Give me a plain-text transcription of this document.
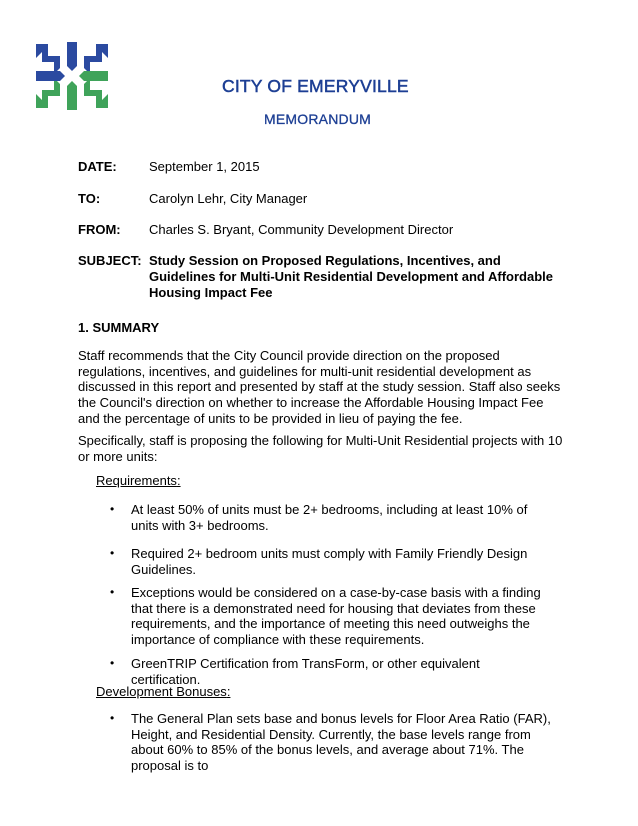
CITY OF EMERYVILLE
MEMORANDUM
DATE: September 1, 2015
TO:	Carolyn Lehr, City Manager
FROM: Charles S. Bryant, Community Development Director
SUBJECT: Study Session on Proposed Regulations, Incentives, and Guidelines for Multi-Unit Residential Development and Affordable Housing Impact Fee
1. SUMMARY
Staff recommends that the City Council provide direction on the proposed regulations, incentives, and guidelines for multi-unit residential development as discussed in this report and presented by staff at the study session. Staff also seeks the Council's direction on whether to increase the Affordable Housing Impact Fee and the percentage of units to be provided in lieu of paying the fee.
Specifically, staff is proposing the following for Multi-Unit Residential projects with 10 or more units:
Requirements:
• At least 50% of units must be 2+ bedrooms, including at least 10% of units with 3+ bedrooms.
• Required 2+ bedroom units must comply with Family Friendly Design Guidelines.
• Exceptions would be considered on a case-by-case basis with a finding that there is a demonstrated need for housing that deviates from these requirements, and the importance of meeting this need outweighs the importance of compliance with these requirements.
• GreenTRIP Certification from TransForm, or other equivalent certification.
Development Bonuses:
• The General Plan sets base and bonus levels for Floor Area Ratio (FAR), Height, and Residential Density. Currently, the base levels range from about 60% to 85% of the bonus levels, and average about 71%. The proposal is to
